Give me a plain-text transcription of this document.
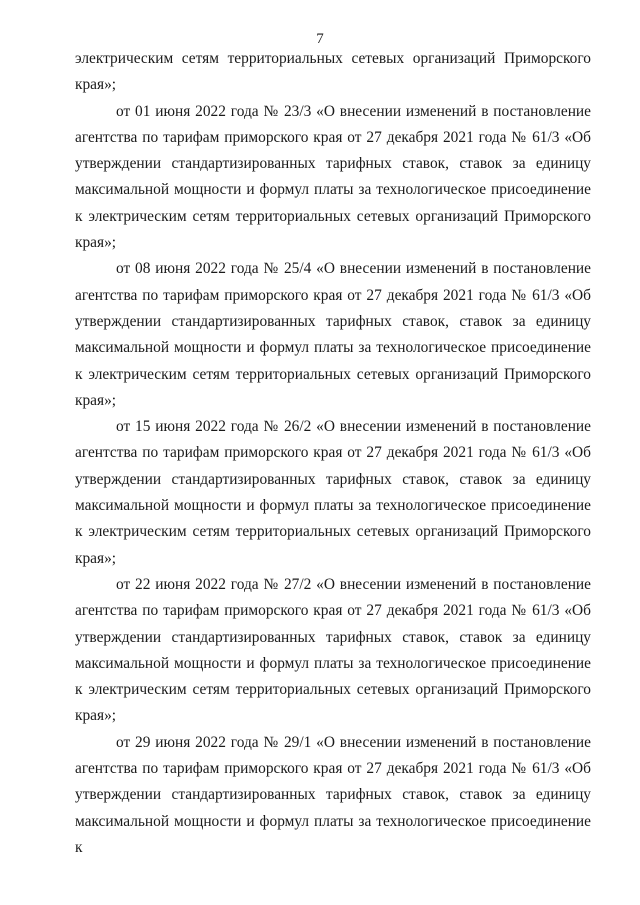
7

электрическим сетям территориальных сетевых организаций Приморского края»;

от 01 июня 2022 года № 23/3 «О внесении изменений в постановление агентства по тарифам приморского края от 27 декабря 2021 года № 61/3 «Об утверждении стандартизированных тарифных ставок, ставок за единицу максимальной мощности и формул платы за технологическое присоединение к электрическим сетям территориальных сетевых организаций Приморского края»;

от 08 июня 2022 года № 25/4 «О внесении изменений в постановление агентства по тарифам приморского края от 27 декабря 2021 года № 61/3 «Об утверждении стандартизированных тарифных ставок, ставок за единицу максимальной мощности и формул платы за технологическое присоединение к электрическим сетям территориальных сетевых организаций Приморского края»;

от 15 июня 2022 года № 26/2 «О внесении изменений в постановление агентства по тарифам приморского края от 27 декабря 2021 года № 61/3 «Об утверждении стандартизированных тарифных ставок, ставок за единицу максимальной мощности и формул платы за технологическое присоединение к электрическим сетям территориальных сетевых организаций Приморского края»;

от 22 июня 2022 года № 27/2 «О внесении изменений в постановление агентства по тарифам приморского края от 27 декабря 2021 года № 61/3 «Об утверждении стандартизированных тарифных ставок, ставок за единицу максимальной мощности и формул платы за технологическое присоединение к электрическим сетям территориальных сетевых организаций Приморского края»;

от 29 июня 2022 года № 29/1 «О внесении изменений в постановление агентства по тарифам приморского края от 27 декабря 2021 года № 61/3 «Об утверждении стандартизированных тарифных ставок, ставок за единицу максимальной мощности и формул платы за технологическое присоединение к
